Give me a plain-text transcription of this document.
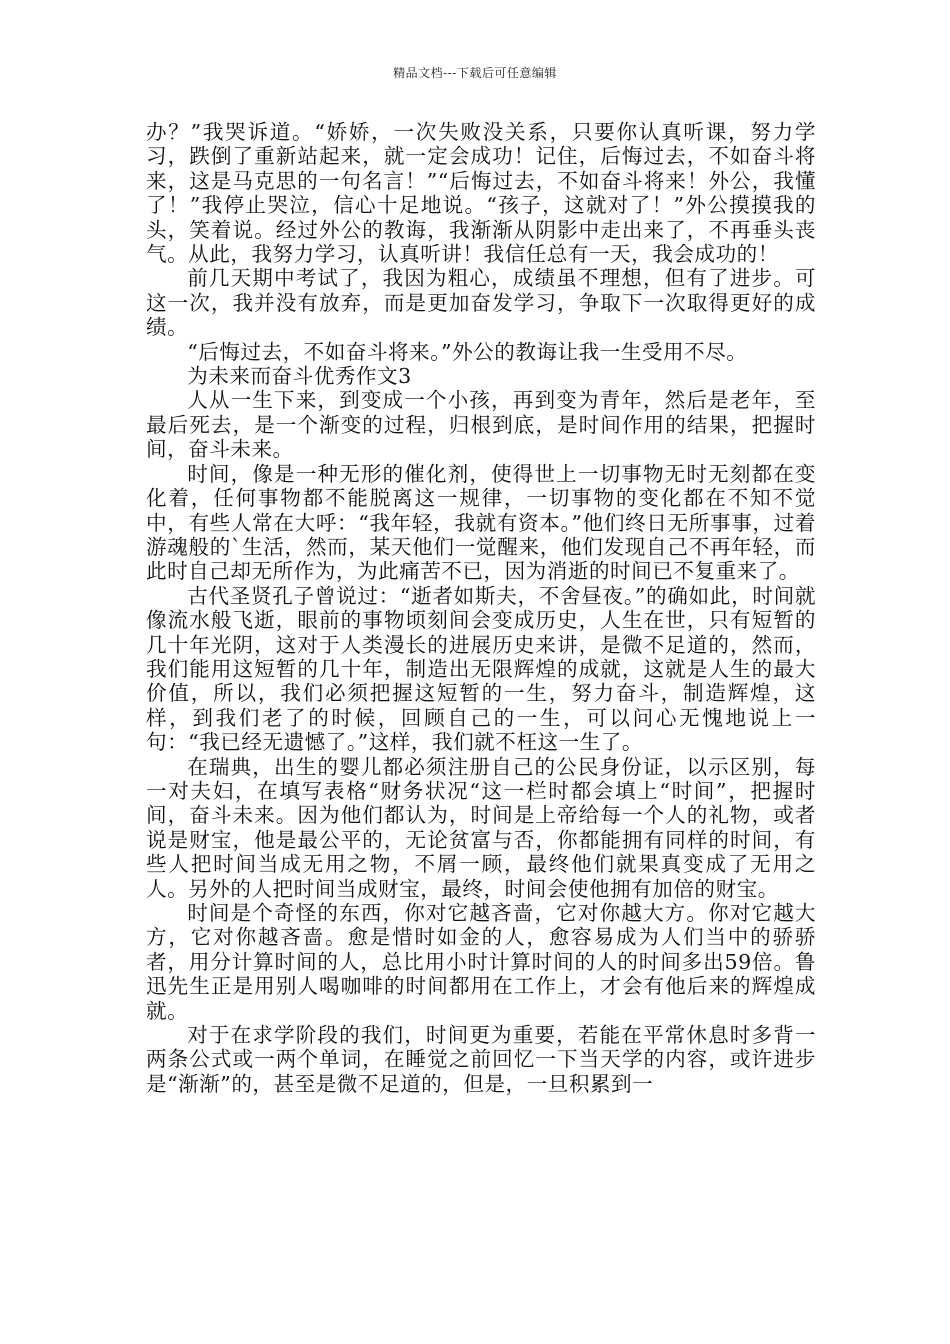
精品文档---下载后可任意编辑

办？”我哭诉道。“娇娇，一次失败没关系，只要你认真听课，努力学习，跌倒了重新站起来，就一定会成功！记住，后悔过去，不如奋斗将来，这是马克思的一句名言！”“后悔过去，不如奋斗将来！外公，我懂了！”我停止哭泣，信心十足地说。“孩子，这就对了！”外公摸摸我的头，笑着说。经过外公的教诲，我渐渐从阴影中走出来了，不再垂头丧气。从此，我努力学习，认真听讲！我信任总有一天，我会成功的！

前几天期中考试了，我因为粗心，成绩虽不理想，但有了进步。可这一次，我并没有放弃，而是更加奋发学习，争取下一次取得更好的成绩。

“后悔过去，不如奋斗将来。”外公的教诲让我一生受用不尽。

为未来而奋斗优秀作文3

人从一生下来，到变成一个小孩，再到变为青年，然后是老年，至最后死去，是一个渐变的过程，归根到底，是时间作用的结果，把握时间，奋斗未来。

时间，像是一种无形的催化剂，使得世上一切事物无时无刻都在变化着，任何事物都不能脱离这一规律，一切事物的变化都在不知不觉中，有些人常在大呼：“我年轻，我就有资本。”他们终日无所事事，过着游魂般的`生活，然而，某天他们一觉醒来，他们发现自己不再年轻，而此时自己却无所作为，为此痛苦不已，因为消逝的时间已不复重来了。

古代圣贤孔子曾说过：“逝者如斯夫，不舍昼夜。”的确如此，时间就像流水般飞逝，眼前的事物顷刻间会变成历史，人生在世，只有短暂的几十年光阴，这对于人类漫长的进展历史来讲，是微不足道的，然而，我们能用这短暂的几十年，制造出无限辉煌的成就，这就是人生的最大价值，所以，我们必须把握这短暂的一生，努力奋斗，制造辉煌，这样，到我们老了的时候，回顾自己的一生，可以问心无愧地说上一句：“我已经无遗憾了。”这样，我们就不枉这一生了。

在瑞典，出生的婴儿都必须注册自己的公民身份证，以示区别，每一对夫妇，在填写表格“财务状况“这一栏时都会填上“时间”，把握时间，奋斗未来。因为他们都认为，时间是上帝给每一个人的礼物，或者说是财宝，他是最公平的，无论贫富与否，你都能拥有同样的时间，有些人把时间当成无用之物，不屑一顾，最终他们就果真变成了无用之人。另外的人把时间当成财宝，最终，时间会使他拥有加倍的财宝。

时间是个奇怪的东西，你对它越吝啬，它对你越大方。你对它越大方，它对你越吝啬。愈是惜时如金的人，愈容易成为人们当中的骄骄者，用分计算时间的人，总比用小时计算时间的人的时间多出59倍。鲁迅先生正是用别人喝咖啡的时间都用在工作上，才会有他后来的辉煌成就。

对于在求学阶段的我们，时间更为重要，若能在平常休息时多背一两条公式或一两个单词，在睡觉之前回忆一下当天学的内容，或许进步是“渐渐”的，甚至是微不足道的，但是，一旦积累到一
